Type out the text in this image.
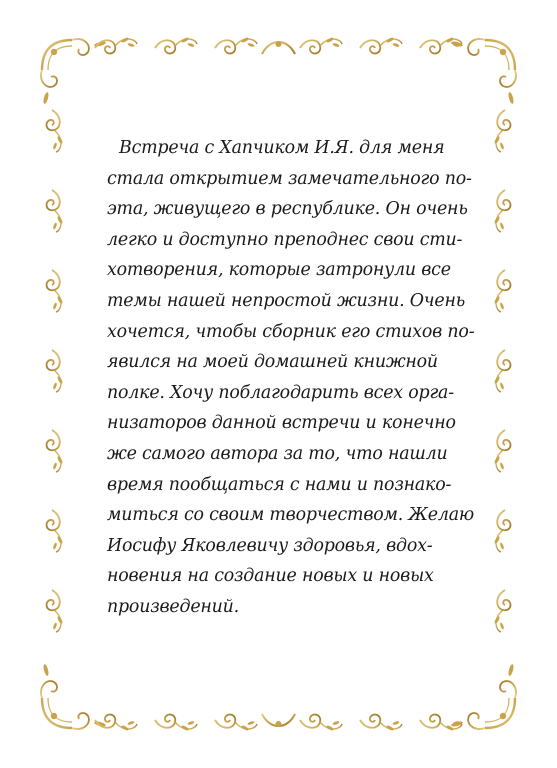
Встреча с Хапчиком И.Я. для меня
стала открытием замечательного по-
эта, живущего в республике. Он очень
легко и доступно преподнес свои сти-
хотворения, которые затронули все
темы нашей непростой жизни. Очень
хочется, чтобы сборник его стихов по-
явился на моей домашней книжной
полке. Хочу поблагодарить всех орга-
низаторов данной встречи и конечно
же самого автора за то, что нашли
время пообщаться с нами и познако-
миться со своим творчеством. Желаю
Иосифу Яковлевичу здоровья, вдох-
новения на создание новых и новых
произведений.
